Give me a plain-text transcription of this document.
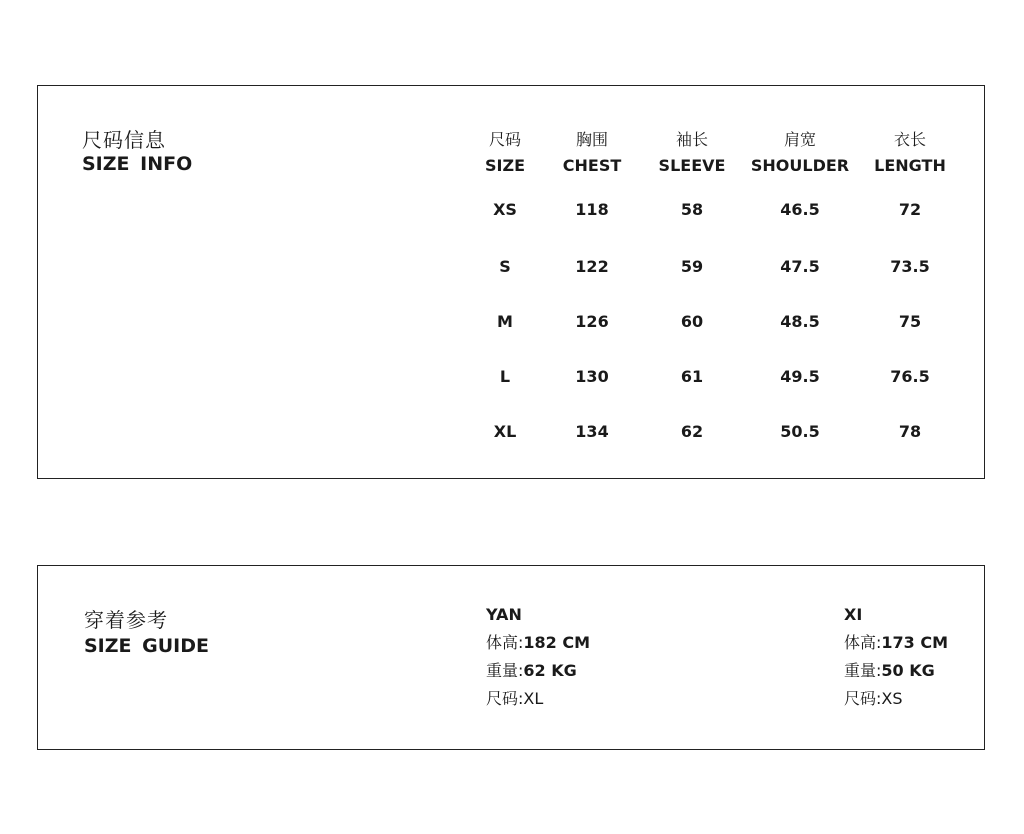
尺码信息
SIZE INFO
尺码	胸围	袖长	肩宽	衣长
SIZE CHEST SLEEVE SHOULDER LENGTH
XS	118	58	46.5	72
S	122	59	47.5	73.5
M	126	60	48.5	75
L	130	61	49.5	76.5
XL	134	62	50.5	78
穿着参考
SIZE GUIDE
YAN
体高:182 CM
重量:62 KG
尺码:XL
XI
体高:173 CM
重量:50 KG
尺码:XS
